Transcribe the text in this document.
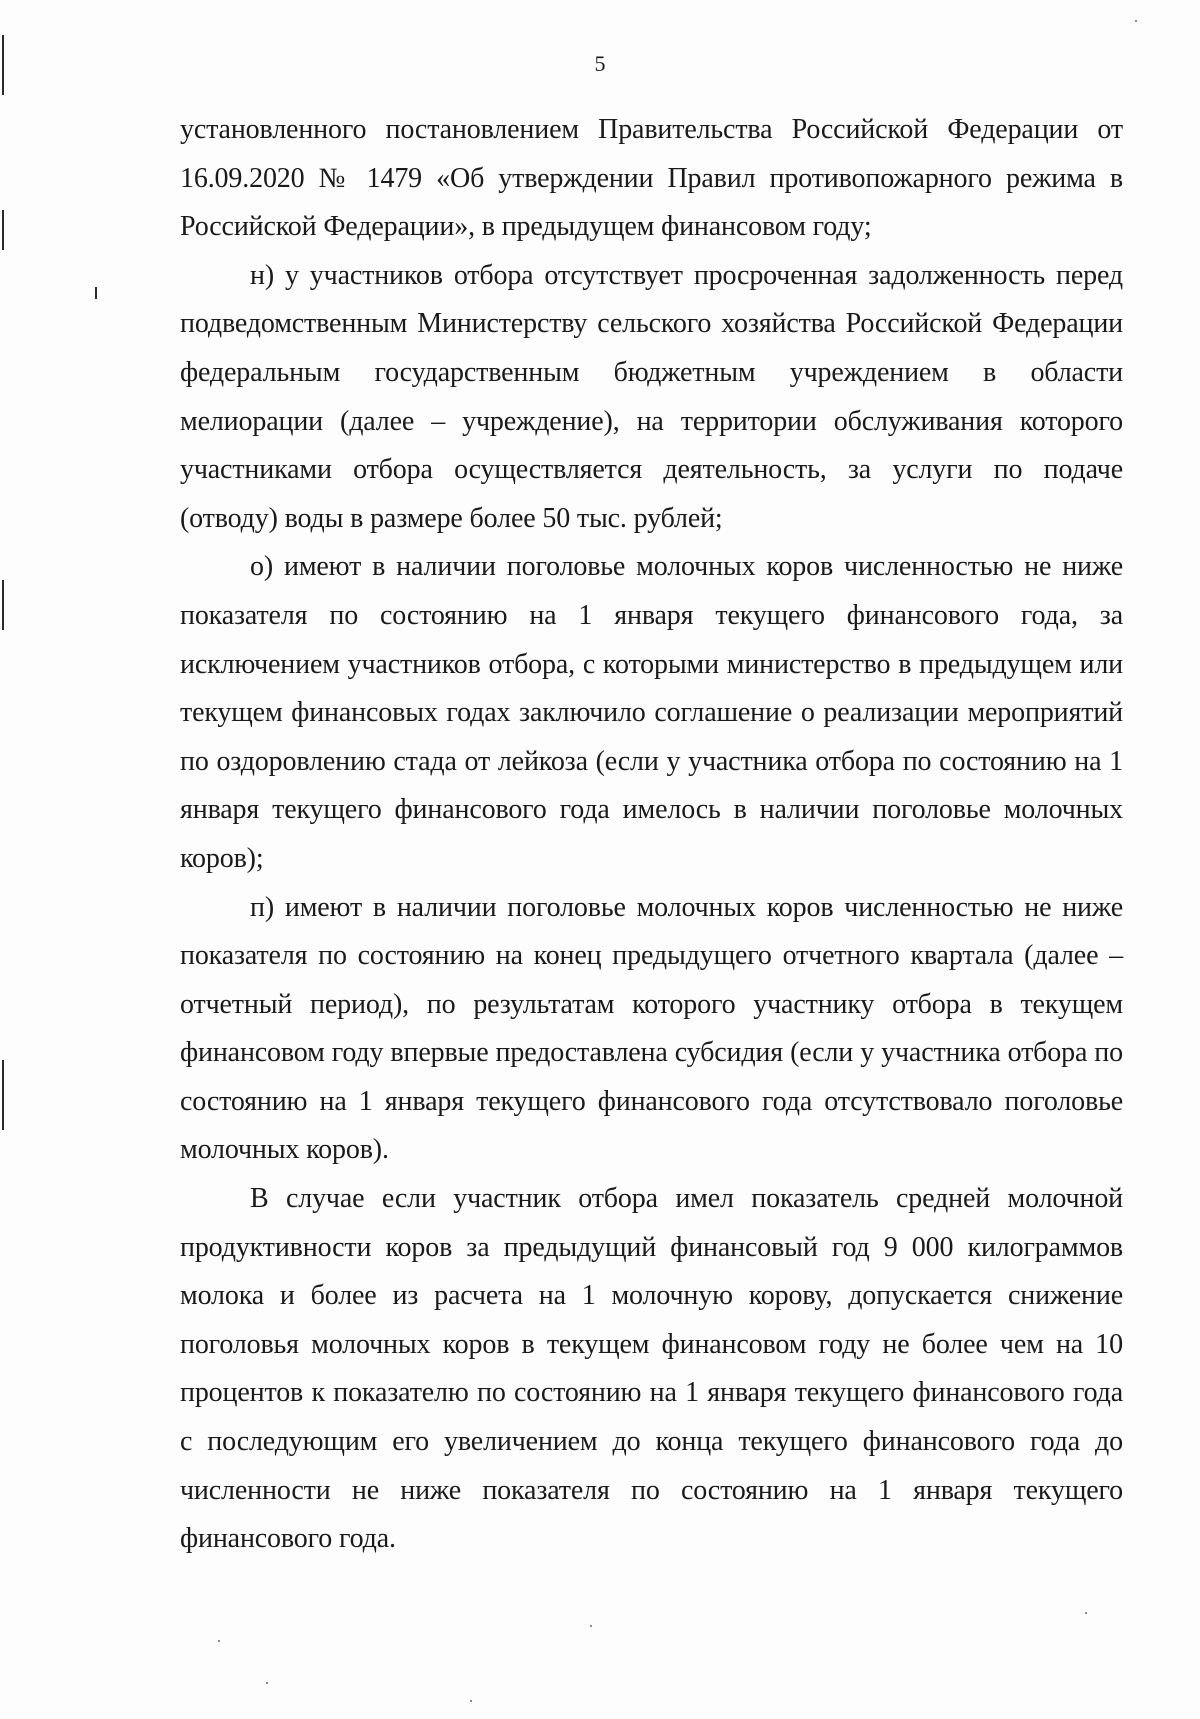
5

установленного постановлением Правительства Российской Федерации от 16.09.2020 № 1479 «Об утверждении Правил противопожарного режима в Российской Федерации», в предыдущем финансовом году;

н) у участников отбора отсутствует просроченная задолженность перед подведомственным Министерству сельского хозяйства Российской Федерации федеральным государственным бюджетным учреждением в области мелиорации (далее – учреждение), на территории обслуживания которого участниками отбора осуществляется деятельность, за услуги по подаче (отводу) воды в размере более 50 тыс. рублей;

о) имеют в наличии поголовье молочных коров численностью не ниже показателя по состоянию на 1 января текущего финансового года, за исключением участников отбора, с которыми министерство в предыдущем или текущем финансовых годах заключило соглашение о реализации мероприятий по оздоровлению стада от лейкоза (если у участника отбора по состоянию на 1 января текущего финансового года имелось в наличии поголовье молочных коров);

п) имеют в наличии поголовье молочных коров численностью не ниже показателя по состоянию на конец предыдущего отчетного квартала (далее – отчетный период), по результатам которого участнику отбора в текущем финансовом году впервые предоставлена субсидия (если у участника отбора по состоянию на 1 января текущего финансового года отсутствовало поголовье молочных коров).

В случае если участник отбора имел показатель средней молочной продуктивности коров за предыдущий финансовый год 9 000 килограммов молока и более из расчета на 1 молочную корову, допускается снижение поголовья молочных коров в текущем финансовом году не более чем на 10 процентов к показателю по состоянию на 1 января текущего финансового года с последующим его увеличением до конца текущего финансового года до численности не ниже показателя по состоянию на 1 января текущего финансового года.
